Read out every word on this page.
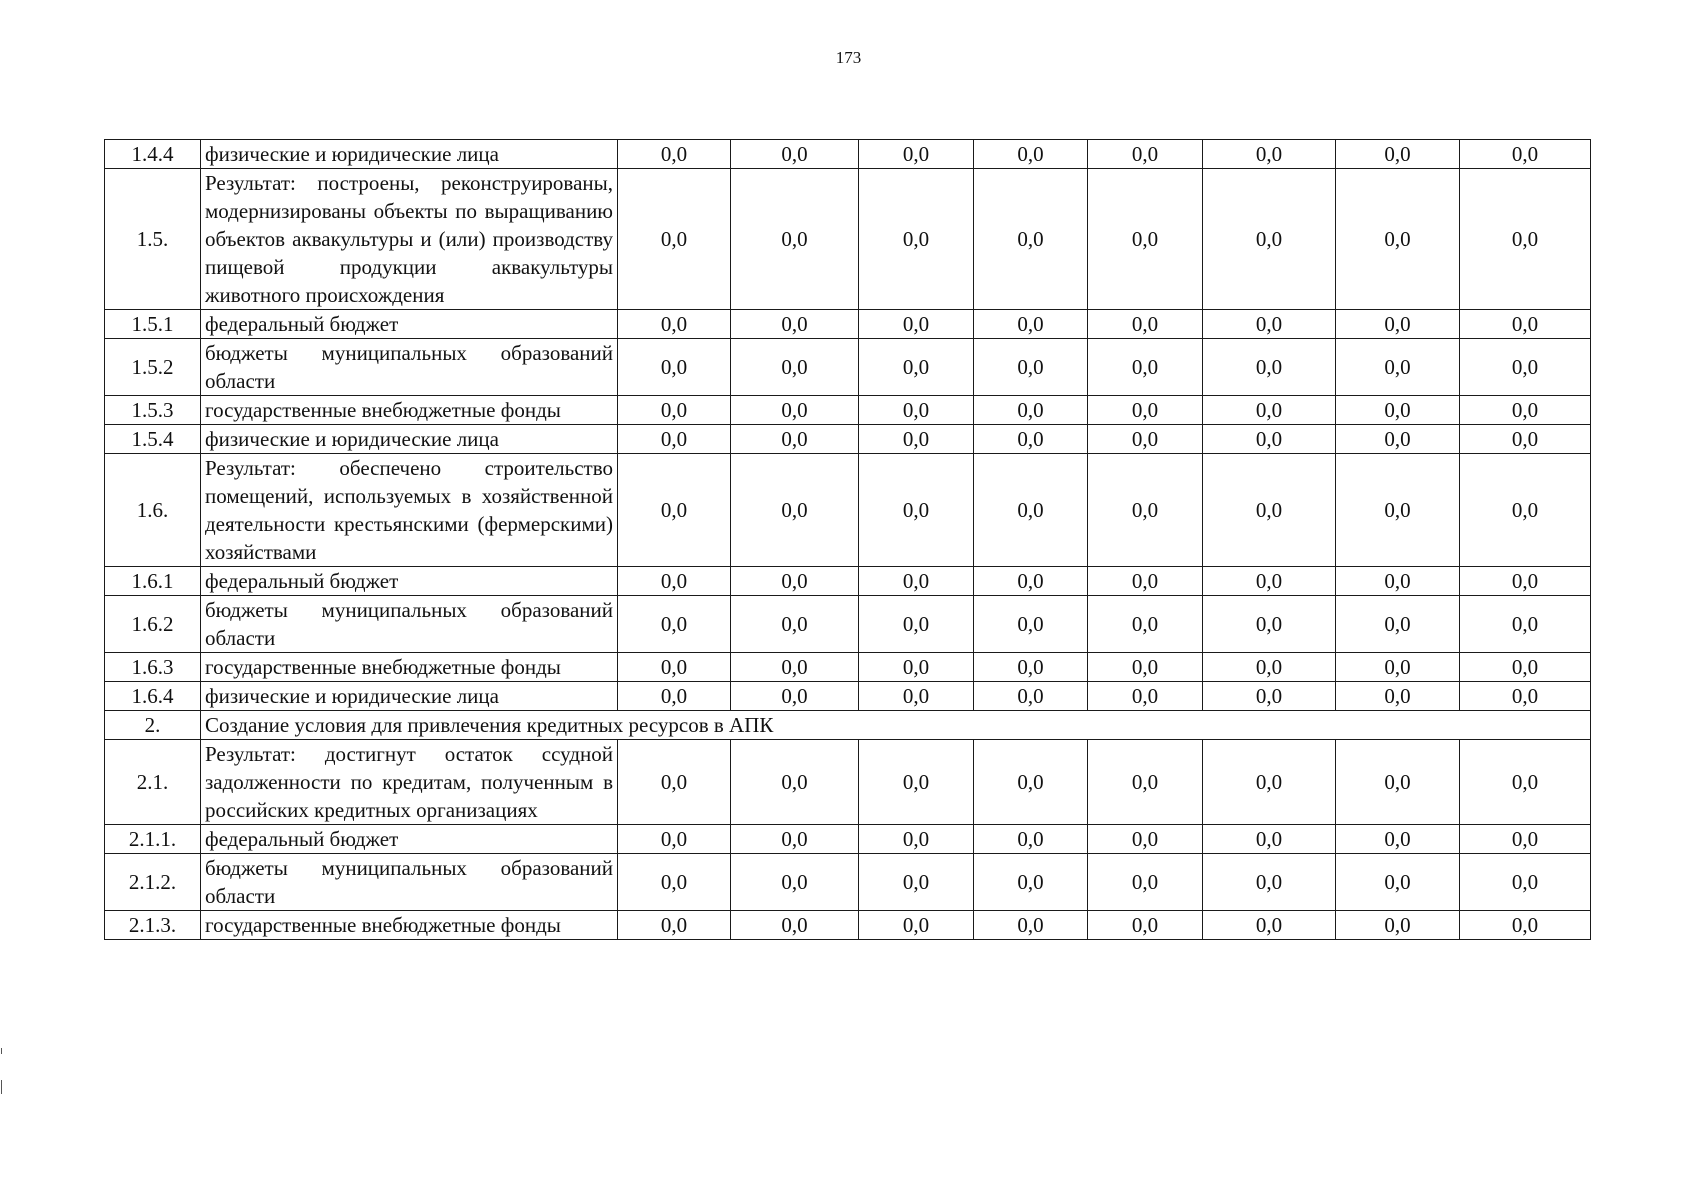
173
1.4.4	физические и юридические лица	0,0	0,0	0,0	0,0	0,0	0,0	0,0	0,0
1.5.	Результат: построены, реконструированы, модернизированы объекты по выращиванию объектов аквакультуры и (или) производству пищевой продукции аквакультуры животного происхождения	0,0	0,0	0,0	0,0	0,0	0,0	0,0	0,0
1.5.1	федеральный бюджет	0,0	0,0	0,0	0,0	0,0	0,0	0,0	0,0
1.5.2	бюджеты муниципальных образований области	0,0	0,0	0,0	0,0	0,0	0,0	0,0	0,0
1.5.3	государственные внебюджетные фонды	0,0	0,0	0,0	0,0	0,0	0,0	0,0	0,0
1.5.4	физические и юридические лица	0,0	0,0	0,0	0,0	0,0	0,0	0,0	0,0
1.6.	Результат: обеспечено строительство помещений, используемых в хозяйственной деятельности крестьянскими (фермерскими) хозяйствами	0,0	0,0	0,0	0,0	0,0	0,0	0,0	0,0
1.6.1	федеральный бюджет	0,0	0,0	0,0	0,0	0,0	0,0	0,0	0,0
1.6.2	бюджеты муниципальных образований области	0,0	0,0	0,0	0,0	0,0	0,0	0,0	0,0
1.6.3	государственные внебюджетные фонды	0,0	0,0	0,0	0,0	0,0	0,0	0,0	0,0
1.6.4	физические и юридические лица	0,0	0,0	0,0	0,0	0,0	0,0	0,0	0,0
2.	Создание условия для привлечения кредитных ресурсов в АПК								
2.1.	Результат: достигнут остаток ссудной задолженности по кредитам, полученным в российских кредитных организациях	0,0	0,0	0,0	0,0	0,0	0,0	0,0	0,0
2.1.1.	федеральный бюджет	0,0	0,0	0,0	0,0	0,0	0,0	0,0	0,0
2.1.2.	бюджеты муниципальных образований области	0,0	0,0	0,0	0,0	0,0	0,0	0,0	0,0
2.1.3.	государственные внебюджетные фонды	0,0	0,0	0,0	0,0	0,0	0,0	0,0	0,0
